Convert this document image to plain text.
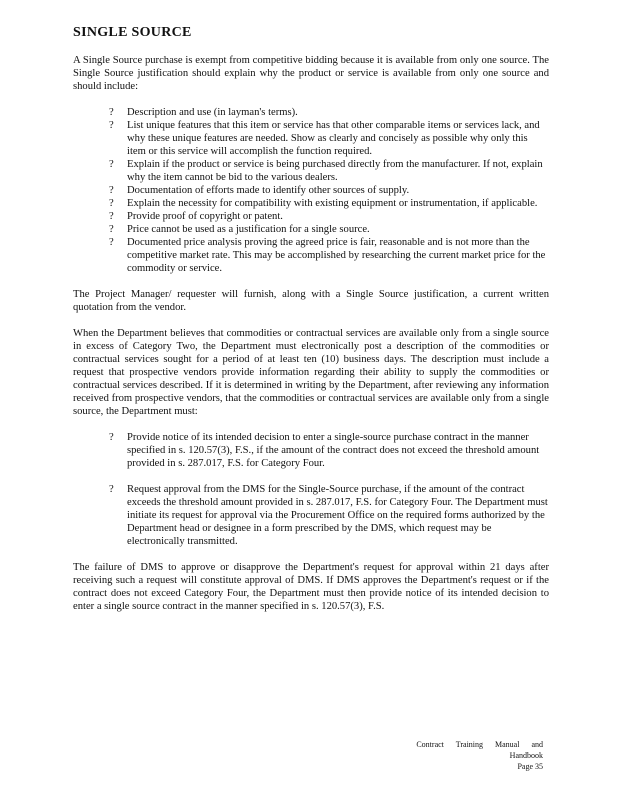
SINGLE SOURCE

A Single Source purchase is exempt from competitive bidding because it is available from only one source. The Single Source justification should explain why the product or service is available from only one source and should include:

? Description and use (in layman's terms).
? List unique features that this item or service has that other comparable items or services lack, and why these unique features are needed. Show as clearly and concisely as possible why only this item or this service will accomplish the function required.
? Explain if the product or service is being purchased directly from the manufacturer. If not, explain why the item cannot be bid to the various dealers.
? Documentation of efforts made to identify other sources of supply.
? Explain the necessity for compatibility with existing equipment or instrumentation, if applicable.
? Provide proof of copyright or patent.
? Price cannot be used as a justification for a single source.
? Documented price analysis proving the agreed price is fair, reasonable and is not more than the competitive market rate. This may be accomplished by researching the current market price for the commodity or service.

The Project Manager/ requester will furnish, along with a Single Source justification, a current written quotation from the vendor.

When the Department believes that commodities or contractual services are available only from a single source in excess of Category Two, the Department must electronically post a description of the commodities or contractual services sought for a period of at least ten (10) business days. The description must include a request that prospective vendors provide information regarding their ability to supply the commodities or contractual services described. If it is determined in writing by the Department, after reviewing any information received from prospective vendors, that the commodities or contractual services are available only from a single source, the Department must:

? Provide notice of its intended decision to enter a single-source purchase contract in the manner specified in s. 120.57(3), F.S., if the amount of the contract does not exceed the threshold amount provided in s. 287.017, F.S. for Category Four.
? Request approval from the DMS for the Single-Source purchase, if the amount of the contract exceeds the threshold amount provided in s. 287.017, F.S. for Category Four. The Department must initiate its request for approval via the Procurement Office on the required forms authorized by the Department head or designee in a form prescribed by the DMS, which request may be electronically transmitted.

The failure of DMS to approve or disapprove the Department's request for approval within 21 days after receiving such a request will constitute approval of DMS. If DMS approves the Department's request or if the contract does not exceed Category Four, the Department must then provide notice of its intended decision to enter a single source contract in the manner specified in s. 120.57(3), F.S.

Contract Training Manual and Handbook
Page 35
